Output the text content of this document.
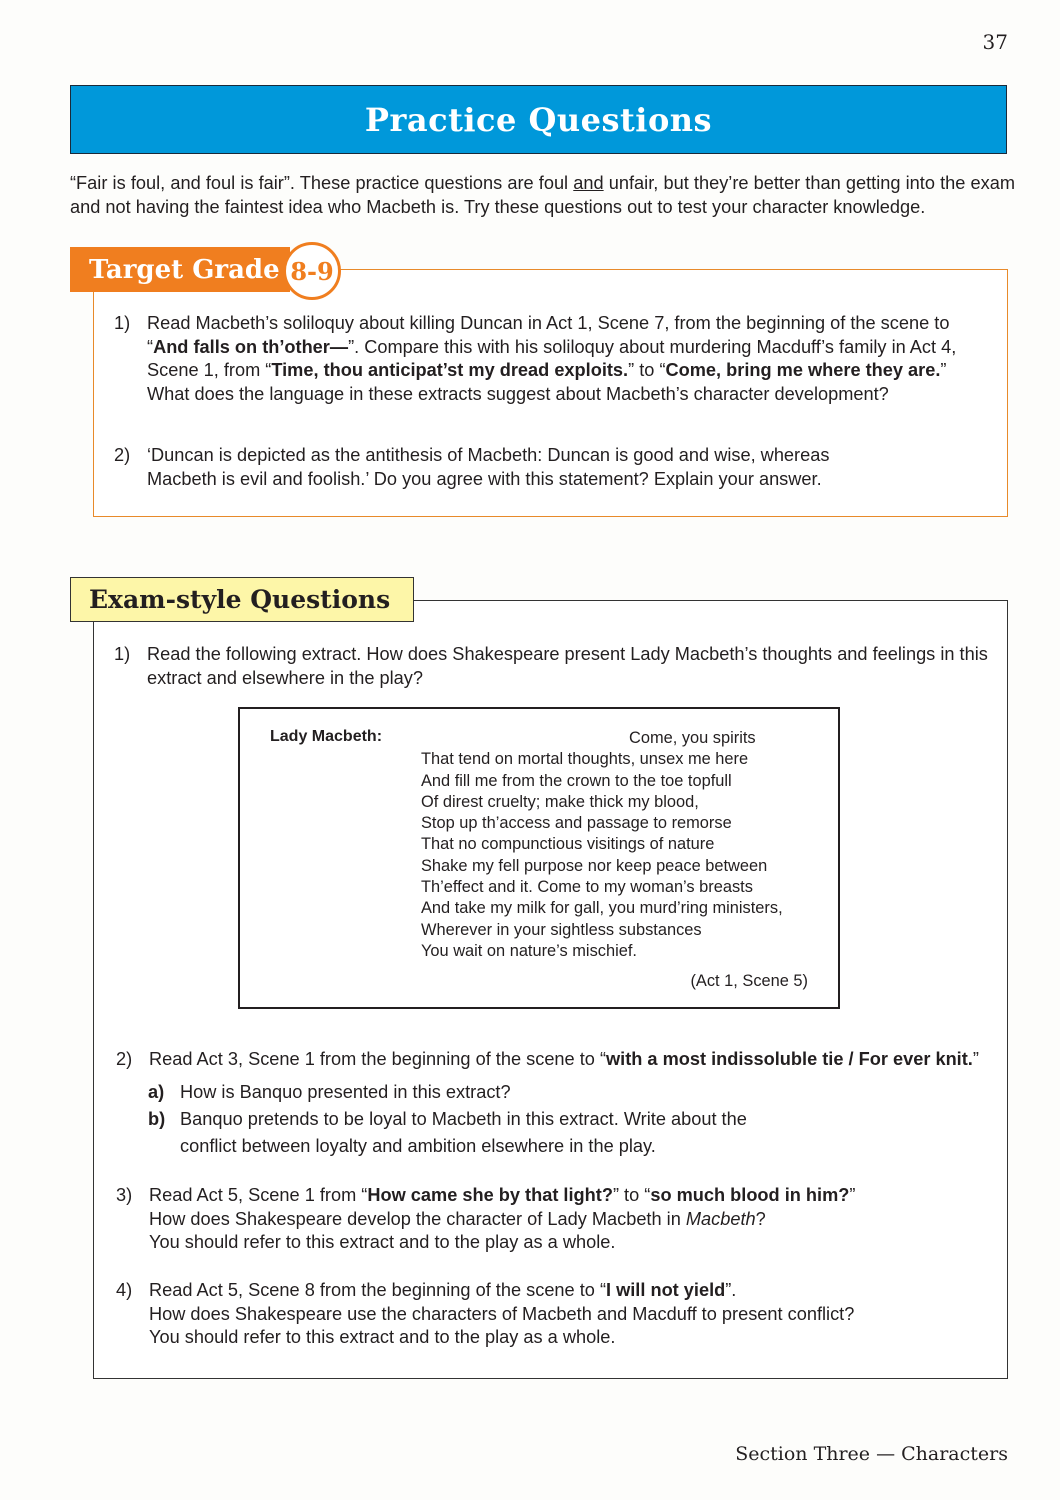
37
Practice Questions
“Fair is foul, and foul is fair”. These practice questions are foul and unfair, but they’re better than getting into the exam and not having the faintest idea who Macbeth is. Try these questions out to test your character knowledge.
Target Grade 8-9
1) Read Macbeth’s soliloquy about killing Duncan in Act 1, Scene 7, from the beginning of the scene to “And falls on th’other—”. Compare this with his soliloquy about murdering Macduff’s family in Act 4, Scene 1, from “Time, thou anticipat’st my dread exploits.” to “Come, bring me where they are.” What does the language in these extracts suggest about Macbeth’s character development?
2) ‘Duncan is depicted as the antithesis of Macbeth: Duncan is good and wise, whereas Macbeth is evil and foolish.’ Do you agree with this statement? Explain your answer.
Exam-style Questions
1) Read the following extract. How does Shakespeare present Lady Macbeth’s thoughts and feelings in this extract and elsewhere in the play?
Lady Macbeth:	Come, you spirits
That tend on mortal thoughts, unsex me here
And fill me from the crown to the toe topfull
Of direst cruelty; make thick my blood,
Stop up th’access and passage to remorse
That no compunctious visitings of nature
Shake my fell purpose nor keep peace between
Th’effect and it. Come to my woman’s breasts
And take my milk for gall, you murd’ring ministers,
Wherever in your sightless substances
You wait on nature’s mischief.
(Act 1, Scene 5)
2) Read Act 3, Scene 1 from the beginning of the scene to “with a most indissoluble tie / For ever knit.”
a) How is Banquo presented in this extract?
b) Banquo pretends to be loyal to Macbeth in this extract. Write about the conflict between loyalty and ambition elsewhere in the play.
3) Read Act 5, Scene 1 from “How came she by that light?” to “so much blood in him?”
How does Shakespeare develop the character of Lady Macbeth in Macbeth?
You should refer to this extract and to the play as a whole.
4) Read Act 5, Scene 8 from the beginning of the scene to “I will not yield”.
How does Shakespeare use the characters of Macbeth and Macduff to present conflict?
You should refer to this extract and to the play as a whole.
Section Three — Characters
